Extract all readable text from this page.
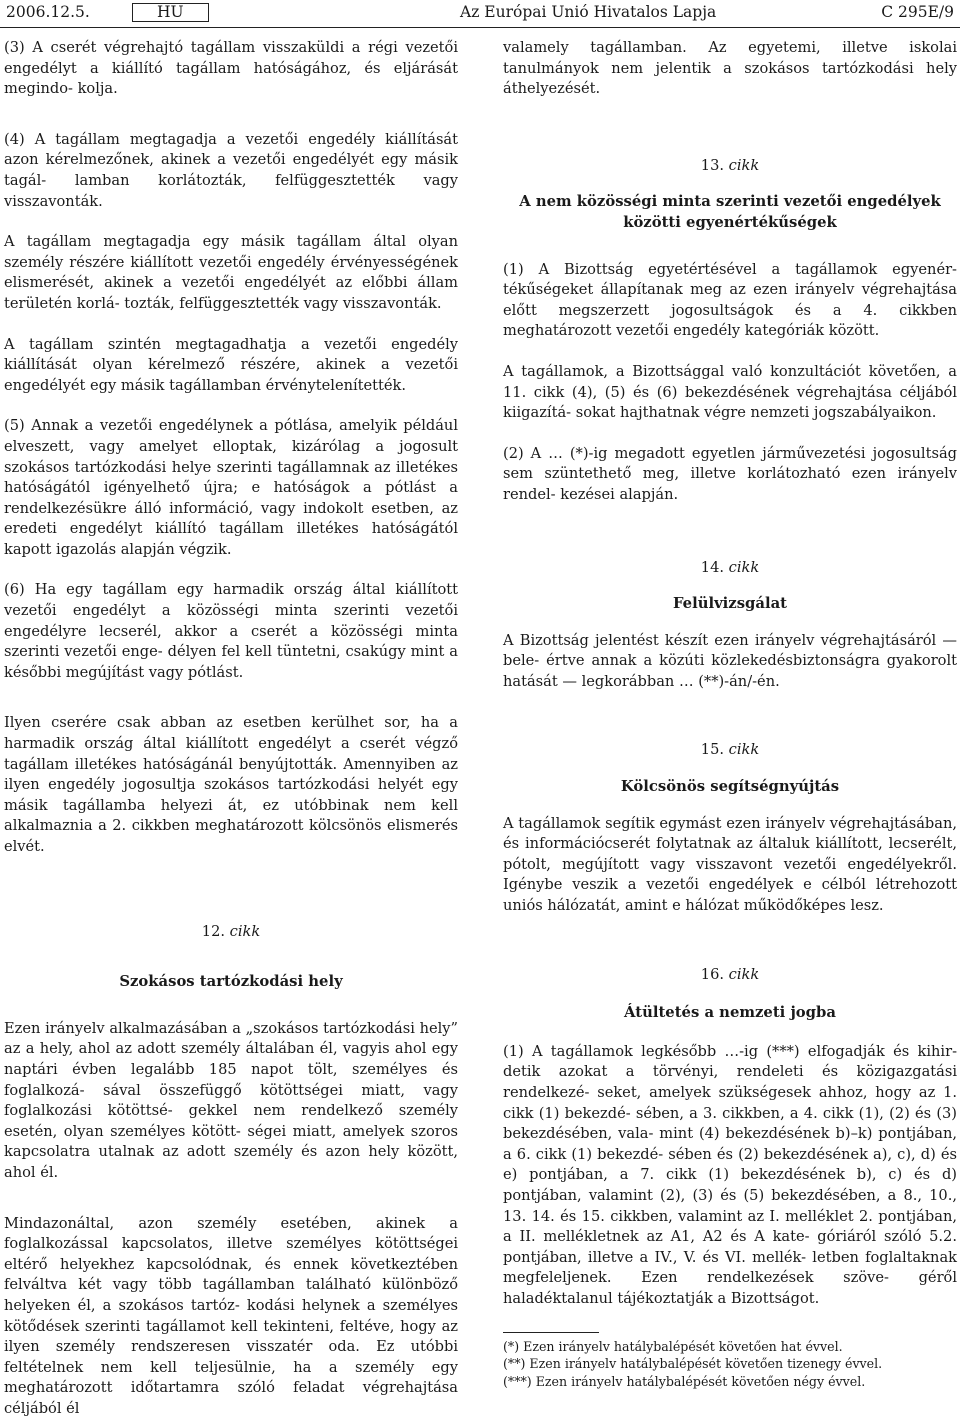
2006.12.5.	HU	Az Európai Unió Hivatalos Lapja	C 295E/9

(3) A cserét végrehajtó tagállam visszaküldi a régi vezetői engedélyt a kiállító tagállam hatóságához, és eljárását megindo- kolja.

(4) A tagállam megtagadja a vezetői engedély kiállítását azon kérelmezőnek, akinek a vezetői engedélyét egy másik tagál- lamban korlátozták, felfüggesztették vagy visszavonták.

A tagállam megtagadja egy másik tagállam által olyan személy részére kiállított vezetői engedély érvényességének elismerését, akinek a vezetői engedélyét az előbbi állam területén korlá- tozták, felfüggesztették vagy visszavonták.

A tagállam szintén megtagadhatja a vezetői engedély kiállítását olyan kérelmező részére, akinek a vezetői engedélyét egy másik tagállamban érvénytelenítették.

(5) Annak a vezetői engedélynek a pótlása, amelyik például elveszett, vagy amelyet elloptak, kizárólag a jogosult szokásos tartózkodási helye szerinti tagállamnak az illetékes hatóságától igényelhető újra; e hatóságok a pótlást a rendelkezésükre álló információ, vagy indokolt esetben, az eredeti engedélyt kiállító tagállam illetékes hatóságától kapott igazolás alapján végzik.

(6) Ha egy tagállam egy harmadik ország által kiállított vezetői engedélyt a közösségi minta szerinti vezetői engedélyre lecserél, akkor a cserét a közösségi minta szerinti vezetői enge- délyen fel kell tüntetni, csakúgy mint a későbbi megújítást vagy pótlást.

Ilyen cserére csak abban az esetben kerülhet sor, ha a harmadik ország által kiállított engedélyt a cserét végző tagállam illetékes hatóságánál benyújtották. Amennyiben az ilyen engedély jogosultja szokásos tartózkodási helyét egy másik tagállamba helyezi át, ez utóbbinak nem kell alkalmaznia a 2. cikkben meghatározott kölcsönös elismerés elvét.

12. cikk

Szokásos tartózkodási hely

Ezen irányelv alkalmazásában a „szokásos tartózkodási hely” az a hely, ahol az adott személy általában él, vagyis ahol egy naptári évben legalább 185 napot tölt, személyes és foglalkozá- sával összefüggő kötöttségei miatt, vagy foglalkozási kötöttsé- gekkel nem rendelkező személy esetén, olyan személyes kötött- ségei miatt, amelyek szoros kapcsolatra utalnak az adott személy és azon hely között, ahol él.

Mindazonáltal, azon személy esetében, akinek a foglalkozással kapcsolatos, illetve személyes kötöttségei eltérő helyekhez kapcsolódnak, és ennek következtében felváltva két vagy több tagállamban található különböző helyeken él, a szokásos tartóz- kodási helynek a személyes kötődések szerinti tagállamot kell tekinteni, feltéve, hogy az ilyen személy rendszeresen visszatér oda. Ez utóbbi feltételnek nem kell teljesülnie, ha a személy egy meghatározott időtartamra szóló feladat végrehajtása céljából él

valamely tagállamban. Az egyetemi, illetve iskolai tanulmányok nem jelentik a szokásos tartózkodási hely áthelyezését.

13. cikk

A nem közösségi minta szerinti vezetői engedélyek közötti egyenértékűségek

(1) A Bizottság egyetértésével a tagállamok egyenér- tékűségeket állapítanak meg az ezen irányelv végrehajtása előtt megszerzett jogosultságok és a 4. cikkben meghatározott vezetői engedély kategóriák között.

A tagállamok, a Bizottsággal való konzultációt követően, a 11. cikk (4), (5) és (6) bekezdésének végrehajtása céljából kiigazítá- sokat hajthatnak végre nemzeti jogszabályaikon.

(2) A … (*)-ig megadott egyetlen járművezetési jogosultság sem szüntethető meg, illetve korlátozható ezen irányelv rendel- kezései alapján.

14. cikk

Felülvizsgálat

A Bizottság jelentést készít ezen irányelv végrehajtásáról — bele- értve annak a közúti közlekedésbiztonságra gyakorolt hatását — legkorábban … (**)-án/-én.

15. cikk

Kölcsönös segítségnyújtás

A tagállamok segítik egymást ezen irányelv végrehajtásában, és információcserét folytatnak az általuk kiállított, lecserélt, pótolt, megújított vagy visszavont vezetői engedélyekről. Igénybe veszik a vezetői engedélyek e célból létrehozott uniós hálózatát, amint e hálózat működőképes lesz.

16. cikk

Átültetés a nemzeti jogba

(1) A tagállamok legkésőbb …-ig (***) elfogadják és kihir- detik azokat a törvényi, rendeleti és közigazgatási rendelkezé- seket, amelyek szükségesek ahhoz, hogy az 1. cikk (1) bekezdé- sében, a 3. cikkben, a 4. cikk (1), (2) és (3) bekezdésében, vala- mint (4) bekezdésének b)–k) pontjában, a 6. cikk (1) bekezdé- sében és (2) bekezdésének a), c), d) és e) pontjában, a 7. cikk (1) bekezdésének b), c) és d) pontjában, valamint (2), (3) és (5) bekezdésében, a 8., 10., 13. 14. és 15. cikkben, valamint az I. melléklet 2. pontjában, a II. mellékletnek az A1, A2 és A kate- góriáról szóló 5.2. pontjában, illetve a IV., V. és VI. mellék- letben foglaltaknak megfeleljenek. Ezen rendelkezések szöve- géről haladéktalanul tájékoztatják a Bizottságot.

(*) Ezen irányelv hatálybalépését követően hat évvel.

(**) Ezen irányelv hatálybalépését követően tizenegy évvel.

(***) Ezen irányelv hatálybalépését követően négy évvel.
